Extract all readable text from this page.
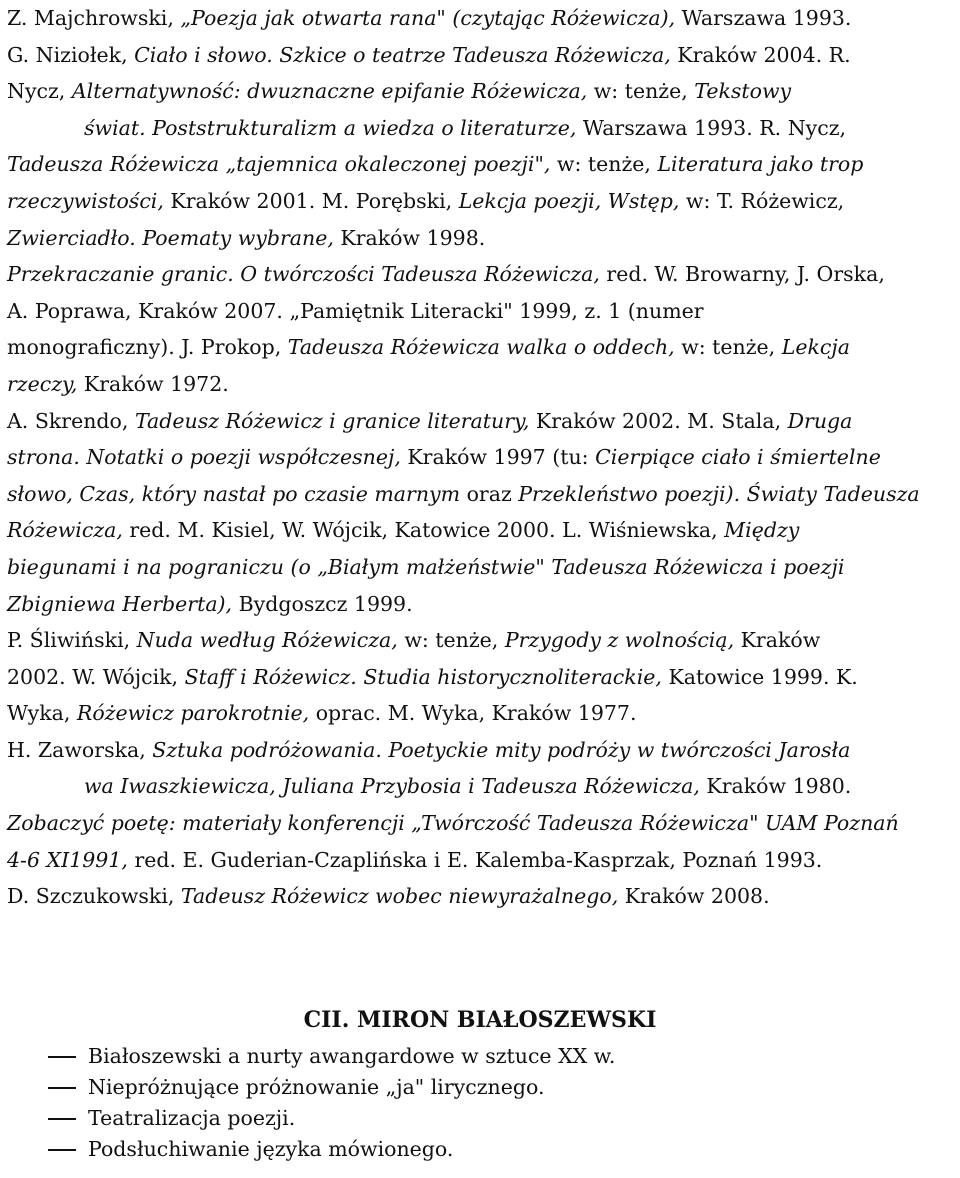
Z. Majchrowski, „Poezja jak otwarta rana" (czytając Różewicza), Warszawa 1993.

G. Niziołek, Ciało i słowo. Szkice o teatrze Tadeusza Różewicza, Kraków 2004. R.

Nycz, Alternatywność: dwuznaczne epifanie Różewicza, w: tenże, Tekstowy

świat. Poststrukturalizm a wiedza o literaturze, Warszawa 1993. R. Nycz,

Tadeusza Różewicza „tajemnica okaleczonej poezji", w: tenże, Literatura jako trop

rzeczywistości, Kraków 2001. M. Porębski, Lekcja poezji, Wstęp, w: T. Różewicz,

Zwierciadło. Poematy wybrane, Kraków 1998.

Przekraczanie granic. O twórczości Tadeusza Różewicza, red. W. Browarny, J. Orska,

A. Poprawa, Kraków 2007. „Pamiętnik Literacki" 1999, z. 1 (numer

monograficzny). J. Prokop, Tadeusza Różewicza walka o oddech, w: tenże, Lekcja

rzeczy, Kraków 1972.

A. Skrendo, Tadeusz Różewicz i granice literatury, Kraków 2002. M. Stala, Druga

strona. Notatki o poezji współczesnej, Kraków 1997 (tu: Cierpiące ciało i śmiertelne

słowo, Czas, który nastał po czasie marnym oraz Przekleństwo poezji). Światy Tadeusza

Różewicza, red. M. Kisiel, W. Wójcik, Katowice 2000. L. Wiśniewska, Między

biegunami i na pograniczu (o „Białym małżeństwie" Tadeusza Różewicza i poezji

Zbigniewa Herberta), Bydgoszcz 1999.

P. Śliwiński, Nuda według Różewicza, w: tenże, Przygody z wolnością, Kraków

2002. W. Wójcik, Staff i Różewicz. Studia historycznoliterackie, Katowice 1999. K.

Wyka, Różewicz parokrotnie, oprac. M. Wyka, Kraków 1977.

H. Zaworska, Sztuka podróżowania. Poetyckie mity podróży w twórczości Jarosła

wa Iwaszkiewicza, Juliana Przybosia i Tadeusza Różewicza, Kraków 1980.

Zobaczyć poetę: materiały konferencji „Twórczość Tadeusza Różewicza" UAM Poznań

4-6 XI1991, red. E. Guderian-Czaplińska i E. Kalemba-Kasprzak, Poznań 1993.

D. Szczukowski, Tadeusz Różewicz wobec niewyrażalnego, Kraków 2008.

CII. MIRON BIAŁOSZEWSKI
Białoszewski a nurty awangardowe w sztuce XX w.
Niepróżnujące próżnowanie „ja" lirycznego.
Teatralizacja poezji.
Podsłuchiwanie języka mówionego.
